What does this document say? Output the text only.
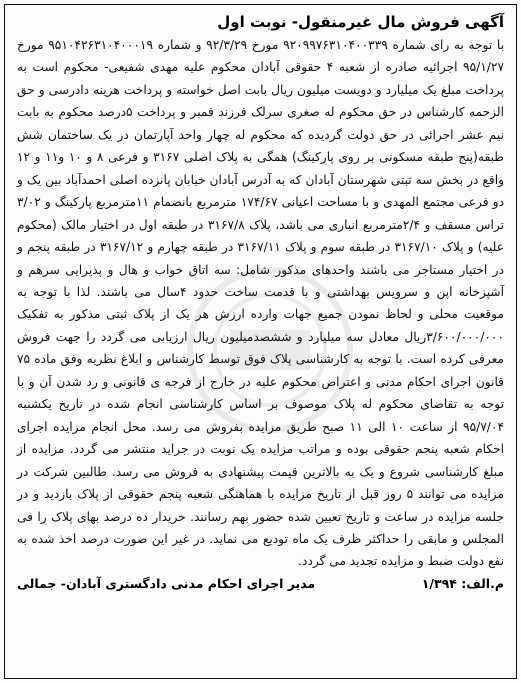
آگهی فروش مال غیرمنقول- نوبت اول

با توجه به رای شماره ۹۲۰۹۹۷۶۳۱۰۴۰۰۳۳۹ مورخ ۹۲/۳/۲۹ و شماره ۹۵۱۰۴۲۶۳۱۰۴۰۰۰۱۹ مورخ ۹۵/۱/۲۷ اجرائیه صادره از شعبه ۴ حقوقی آبادان محکوم علیه مهدی شفیعی- محکوم است به پرداخت مبلغ یک میلیارد و دویست میلیون ریال بابت اصل خواسته و پرداخت هزینه دادرسی و حق الزحمه کارشناس در حق محکوم له صغری سرلک فرزند قمبر و پرداخت ۵درصد محکوم به بابت نیم عشر اجرائی در حق دولت گردیده که محکوم له چهار واحد آپارتمان در یک ساختمان شش طبقه(پنج طبقه مسکونی بر روی پارکینگ) همگی به پلاک اصلی ۳۱۶۷ و فرعی ۸ و ۱۰ و۱۱ و ۱۲ واقع در بخش سه ثبتی شهرستان آبادان که به آدرس آبادان خیابان پانزده اصلی احمدآباد بین یک و دو فرعی مجتمع المهدی و با مساحت اعیانی ۱۷۴/۶۷ مترمربع بانضمام ۱۱مترمربع پارکینگ و ۳/۰۲ تراس مسقف و ۲/۴مترمربع انباری می باشد، پلاک ۳۱۶۷/۸ در طبقه اول در اختیار مالک (محکوم علیه) و پلاک ۳۱۶۷/۱۰ در طبقه سوم و پلاک ۳۱۶۷/۱۱ در طبقه چهارم و ۳۱۶۷/۱۲ در طبقه پنجم و در اختیار مستاجر می باشند واحدهای مذکور شامل: سه اتاق خواب و هال و پذیرایی سرهم و آشپزخانه اپن و سرویس بهداشتی و با قدمت ساخت حدود ۴سال می باشند. لذا با توجه به موقعیت محلی و لحاظ نمودن جمیع جهات وارده ارزش هر یک از پلاک ثبتی مذکور به تفکیک ۳/۶۰۰/۰۰۰/۰۰۰ریال معادل سه میلیارد و ششصدمیلیون ریال ارزیابی می گردد را جهت فروش معرفی کرده است. با توجه به کارشناسی پلاک فوق توسط کارشناس و ابلاغ نظریه وفق ماده ۷۵ قانون اجرای احکام مدنی و اعتراض محکوم علیه در خارج از فرجه ی قانونی و رد شدن آن و با توجه به تقاضای محکوم له پلاک موصوف بر اساس کارشناسی انجام شده در تاریخ یکشنبه ۹۵/۷/۰۴ از ساعت ۱۰ الی ۱۱ صبح طریق مزایده بفروش می رسد. محل انجام مزایده اجرای احکام شعبه پنجم حقوقی بوده و مراتب مزایده یک نوبت در جراید منتشر می گردد. مزایده از مبلغ کارشناسی شروع و یک به بالاترین قیمت پیشنهادی به فروش می رسد. طالبین شرکت در مزایده می توانند ۵ روز قبل از تاریخ مزایده با هماهنگی شعبه پنجم حقوقی از پلاک بازدید و در جلسه مزایده در ساعت و تاریخ تعیین شده حضور بهم رسانند. خریدار ده درصد بهای پلاک را فی المجلس و مابقی را حداکثر ظرف یک ماه تودیع می نماید. در غیر این صورت درصد اخذ شده به نفع دولت ضبط و مزایده تجدید می گردد.

م.الف: ۱/۳۹۴
مدیر اجرای احکام مدنی دادگستری آبادان- جمالی
